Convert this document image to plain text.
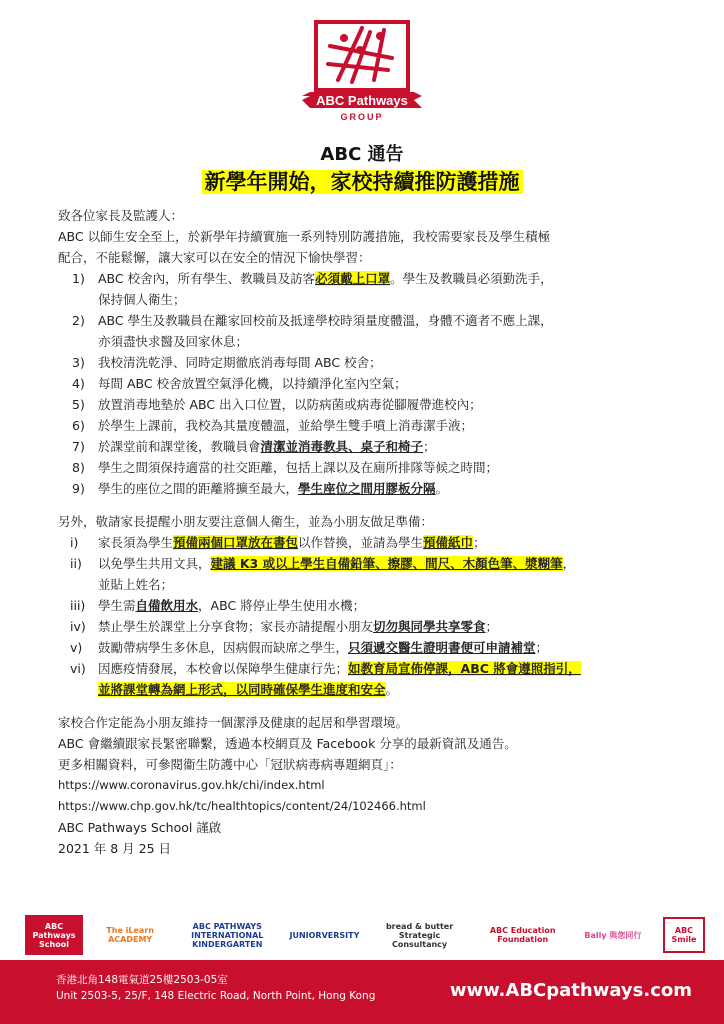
ABC Pathways
GROUP
ABC 通告
新學年開始，家校持續推防護措施

致各位家長及監護人：

ABC 以師生安全至上，於新學年持續實施一系列特別防護措施，我校需要家長及學生積極

配合，不能鬆懈，讓大家可以在安全的情況下愉快學習：

1) ABC 校舍內，所有學生、教職員及訪客必須戴上口罩。學生及教職員必須勤洗手，
保持個人衛生；
2) ABC 學生及教職員在離家回校前及抵達學校時須量度體溫，身體不適者不應上課，
亦須盡快求醫及回家休息；
3) 我校清洗乾淨、同時定期徹底消毒每間 ABC 校舍；
4) 每間 ABC 校舍放置空氣淨化機，以持續淨化室內空氣；
5) 放置消毒地墊於 ABC 出入口位置，以防病菌或病毒從腳履帶進校內；
6) 於學生上課前，我校為其量度體溫，並給學生雙手噴上消毒潔手液；
7) 於課堂前和課堂後，教職員會清潔並消毒教具、桌子和椅子；
8) 學生之間須保持適當的社交距離，包括上課以及在廁所排隊等候之時間；
9) 學生的座位之間的距離將擴至最大，學生座位之間用膠板分隔。

另外，敬請家長提醒小朋友要注意個人衛生，並為小朋友做足準備：

i) 家長須為學生預備兩個口罩放在書包以作替換，並請為學生預備紙巾；
ii) 以免學生共用文具，建議 K3 或以上學生自備鉛筆、擦膠、間尺、木顏色筆、漿糊筆，
並貼上姓名；
iii) 學生需自備飲用水，ABC 將停止學生使用水機；
iv) 禁止學生於課堂上分享食物；家長亦請提醒小朋友切勿與同學共享零食；
v) 鼓勵帶病學生多休息，因病假而缺席之學生，只須遞交醫生證明書便可申請補堂；
vi) 因應疫情發展，本校會以保障學生健康行先；如教育局宣佈停課，ABC 將會遵照指引，
並將課堂轉為網上形式，以同時確保學生進度和安全。

家校合作定能為小朋友維持一個潔淨及健康的起居和學習環境。

ABC 會繼續跟家長緊密聯繫，透過本校網頁及 Facebook 分享的最新資訊及通告。

更多相關資料，可參閱衞生防護中心「冠狀病毒病專題網頁」：

https://www.coronavirus.gov.hk/chi/index.html

https://www.chp.gov.hk/tc/healthtopics/content/24/102466.html

ABC Pathways School 謹啟

2021 年 8 月 25 日

ABC Pathways School
The iLearn ACADEMY
ABC PATHWAYS INTERNATIONAL KINDERGARTEN
JUNIORVERSITY
bread & butter Strategic Consultancy
ABC Education Foundation	Bally 與您同行	ABC Smile
香港北角148電氣道25樓2503-05室
Unit 2503-5, 25/F, 148 Electric Road, North Point, Hong Kong	www.ABCpathways.com
